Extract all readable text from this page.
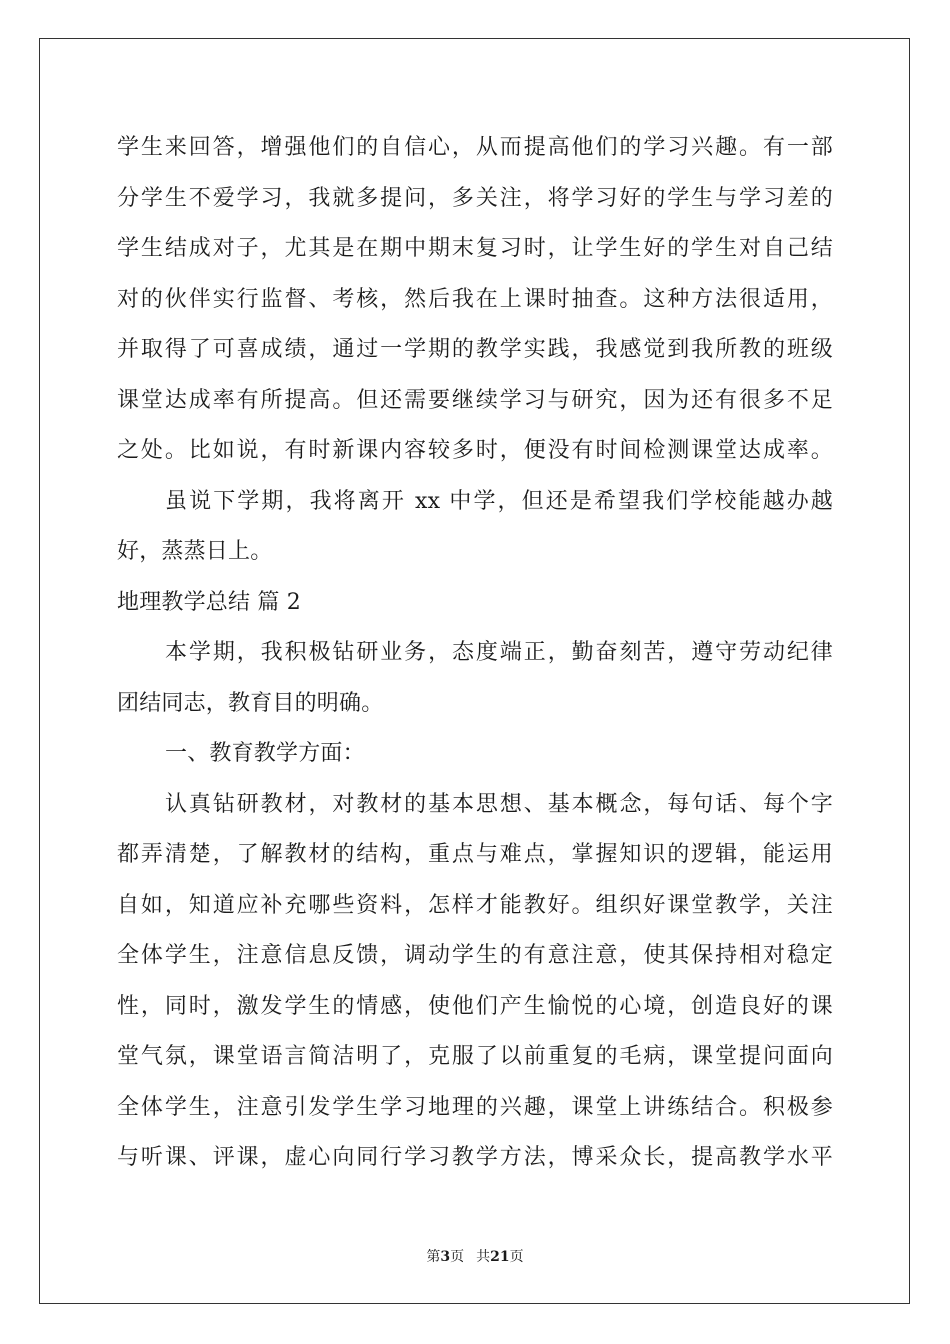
学生来回答，增强他们的自信心，从而提高他们的学习兴趣。有一部
分学生不爱学习，我就多提问，多关注，将学习好的学生与学习差的
学生结成对子，尤其是在期中期末复习时，让学生好的学生对自己结
对的伙伴实行监督、考核，然后我在上课时抽查。这种方法很适用，
并取得了可喜成绩，通过一学期的教学实践，我感觉到我所教的班级
课堂达成率有所提高。但还需要继续学习与研究，因为还有很多不足
之处。比如说，有时新课内容较多时，便没有时间检测课堂达成率。
虽说下学期，我将离开 xx 中学，但还是希望我们学校能越办越
好，蒸蒸日上。
地理教学总结 篇 2
本学期，我积极钻研业务，态度端正，勤奋刻苦，遵守劳动纪律
团结同志，教育目的明确。
一、教育教学方面：
认真钻研教材，对教材的基本思想、基本概念，每句话、每个字
都弄清楚，了解教材的结构，重点与难点，掌握知识的逻辑，能运用
自如，知道应补充哪些资料，怎样才能教好。组织好课堂教学，关注
全体学生，注意信息反馈，调动学生的有意注意，使其保持相对稳定
性，同时，激发学生的情感，使他们产生愉悦的心境，创造良好的课
堂气氛，课堂语言简洁明了，克服了以前重复的毛病，课堂提问面向
全体学生，注意引发学生学习地理的兴趣，课堂上讲练结合。积极参
与听课、评课，虚心向同行学习教学方法，博采众长，提高教学水平
第3页 共21页
